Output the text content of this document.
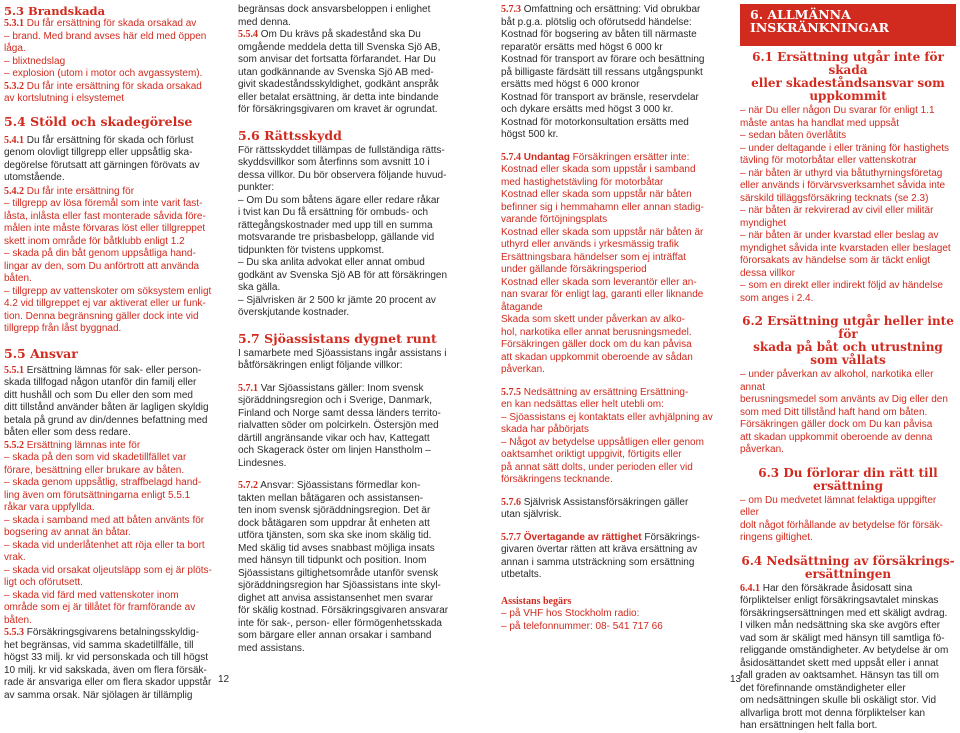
5.3 Brandskada

5.3.1 Du får ersättning för skada orsakad av
– brand. Med brand avses här eld med öppen
låga.
– blixtnedslag
– explosion (utom i motor och avgassystem).

5.3.2 Du får inte ersättning för skada orsakad
av kortslutning i elsystemet

5.4 Stöld och skadegörelse

5.4.1 Du får ersättning för skada och förlust
genom olovligt tillgrepp eller uppsåtlig ska-
degörelse förutsatt att gärningen förövats av
utomstående.

5.4.2 Du får inte ersättning för
– tillgrepp av lösa föremål som inte varit fast-
låsta, inlåsta eller fast monterade såvida före-
målen inte måste förvaras löst eller tillgreppet
skett inom område för båtklubb enligt 1.2
– skada på din båt genom uppsåtliga hand-
lingar av den, som Du anförtrott att använda
båten.
– tillgrepp av vattenskoter om söksystem enligt
4.2 vid tillgreppet ej var aktiverat eller ur funk-
tion. Denna begränsning gäller dock inte vid
tillgrepp från låst byggnad.

5.5 Ansvar

5.5.1 Ersättning lämnas för sak- eller person-
skada tillfogad någon utanför din familj eller
ditt hushåll och som Du eller den som med
ditt tillstånd använder båten är lagligen skyldig
betala på grund av din/dennes befattning med
båten eller som dess redare.

5.5.2 Ersättning lämnas inte för
– skada på den som vid skadetillfället var
förare, besättning eller brukare av båten.
– skada genom uppsåtlig, straffbelagd hand-
ling även om förutsättningarna enligt 5.5.1
råkar vara uppfyllda.
– skada i samband med att båten använts för
bogsering av annat än båtar.
– skada vid underlåtenhet att röja eller ta bort
vrak.
– skada vid orsakat oljeutsläpp som ej är plöts-
ligt och oförutsett.
– skada vid färd med vattenskoter inom
område som ej är tillåtet för framförande av
båten.

5.5.3 Försäkringsgivarens betalningsskyldig-
het begränsas, vid samma skadetillfälle, till
högst 33 milj. kr vid personskada och till högst
10 milj. kr vid sakskada, även om flera försäk-
rade är ansvariga eller om flera skador uppstår
av samma orsak. När sjölagen är tillämplig

begränsas dock ansvarsbeloppen i enlighet
med denna.

5.5.4 Om Du krävs på skadestånd ska Du
omgående meddela detta till Svenska Sjö AB,
som anvisar det fortsatta förfarandet. Har Du
utan godkännande av Svenska Sjö AB med-
givit skadeståndsskyldighet, godkänt anspråk
eller betalat ersättning, är detta inte bindande
för försäkringsgivaren om kravet är ogrundat.

5.6 Rättsskydd

För rättsskyddet tillämpas de fullständiga rätts-
skyddsvillkor som återfinns som avsnitt 10 i
dessa villkor. Du bör observera följande huvud-
punkter:
– Om Du som båtens ägare eller redare råkar
i tvist kan Du få ersättning för ombuds- och
rättegångskostnader med upp till en summa
motsvarande tre prisbasbelopp, gällande vid
tidpunkten för tvistens uppkomst.
– Du ska anlita advokat eller annat ombud
godkänt av Svenska Sjö AB för att försäkringen
ska gälla.
– Självrisken är 2 500 kr jämte 20 procent av
överskjutande kostnader.

5.7 Sjöassistans dygnet runt

I samarbete med Sjöassistans ingår assistans i
båtförsäkringen enligt följande villkor:

5.7.1 Var Sjöassistans gäller: Inom svensk
sjöräddningsregion och i Sverige, Danmark,
Finland och Norge samt dessa länders territo-
rialvatten söder om polcirkeln. Östersjön med
därtill angränsande vikar och hav, Kattegatt
och Skagerack öster om linjen Hanstholm –
Lindesnes.

5.7.2 Ansvar: Sjöassistans förmedlar kon-
takten mellan båtägaren och assistansen-
ten inom svensk sjöräddningsregion. Det är
dock båtägaren som uppdrar åt enheten att
utföra tjänsten, som ska ske inom skälig tid.
Med skälig tid avses snabbast möjliga insats
med hänsyn till tidpunkt och position. Inom
Sjöassistans giltighetsområde utanför svensk
sjöräddningsregion har Sjöassistans inte skyl-
dighet att anvisa assistansenhet men svarar
för skälig kostnad. Försäkringsgivaren ansvarar
inte för sak-, person- eller förmögenhetsskada
som bärgare eller annan orsakar i samband
med assistans.

5.7.3 Omfattning och ersättning: Vid obrukbar
båt p.g.a. plötslig och oförutsedd händelse:
Kostnad för bogsering av båten till närmaste
reparatör ersätts med högst 6 000 kr
Kostnad för transport av förare och besättning
på billigaste färdsätt till ressans utgångspunkt
ersätts med högst 6 000 kronor
Kostnad för transport av bränsle, reservdelar
och dykare ersätts med högst 3 000 kr.
Kostnad för motorkonsultation ersätts med
högst 500 kr.

5.7.4 Undantag Försäkringen ersätter inte:
Kostnad eller skada som uppstår i samband
med hastighetstävling för motorbåtar
Kostnad eller skada som uppstår när båten
befinner sig i hemmahamn eller annan stadig-
varande förtöjningsplats
Kostnad eller skada som uppstår när båten är
uthyrd eller används i yrkesmässig trafik
Ersättningsbara händelser som ej inträffat
under gällande försäkringsperiod
Kostnad eller skada som leverantör eller an-
nan svarar för enligt lag, garanti eller liknande
åtagande
Skada som skett under påverkan av alko-
hol, narkotika eller annat berusningsmedel.
Försäkringen gäller dock om du kan påvisa
att skadan uppkommit oberoende av sådan
påverkan.

5.7.5 Nedsättning av ersättning Ersättning-
en kan nedsättas eller helt utebli om:
– Sjöassistans ej kontaktats eller avhjälpning av
skada har påbörjats
– Något av betydelse uppsåtligen eller genom
oaktsamhet oriktigt uppgivit, förtigits eller
på annat sätt dolts, under perioden eller vid
försäkringens tecknande.

5.7.6 Självrisk Assistansförsäkringen gäller
utan självrisk.

5.7.7 Övertagande av rättighet Försäkrings-
givaren övertar rätten att kräva ersättning av
annan i samma utsträckning som ersättning
utbetalts.

Assistans begärs

– på VHF hos Stockholm radio:
– på telefonnummer: 08- 541 717 66

6. ALLMÄNNA
INSKRÄNKNINGAR

6.1 Ersättning utgår inte för skada
eller skadeståndsansvar som
uppkommit

– när Du eller någon Du svarar för enligt 1.1
måste antas ha handlat med uppsåt
– sedan båten överlåtits
– under deltagande i eller träning för hastighets
tävling för motorbåtar eller vattenskotrar
– när båten är uthyrd via båtuthyrningsföretag
eller används i förvärvsverksamhet såvida inte
särskild tilläggsförsäkring tecknats (se 2.3)
– när båten är rekvirerad av civil eller militär
myndighet
– när båten är under kvarstad eller beslag av
myndighet såvida inte kvarstaden eller beslaget
förorsakats av händelse som är täckt enligt
dessa villkor
– som en direkt eller indirekt följd av händelse
som anges i 2.4.

6.2 Ersättning utgår heller inte för
skada på båt och utrustning
som vållats

– under påverkan av alkohol, narkotika eller annat
berusningsmedel som använts av Dig eller den
som med Ditt tillstånd haft hand om båten.
Försäkringen gäller dock om Du kan påvisa
att skadan uppkommit oberoende av denna
påverkan.

6.3 Du förlorar din rätt till
ersättning

– om Du medvetet lämnat felaktiga uppgifter eller
dolt något förhållande av betydelse för försäk-
ringens giltighet.

6.4 Nedsättning av försäkrings-
ersättningen

6.4.1 Har den försäkrade åsidosatt sina
förpliktelser enligt försäkringsavtalet minskas
försäkringsersättningen med ett skäligt avdrag.
I vilken mån nedsättning ska ske avgörs efter
vad som är skäligt med hänsyn till samtliga fö-
religgande omständigheter. Av betydelse är om
åsidosättandet skett med uppsåt eller i annat
fall graden av oaktsamhet. Hänsyn tas till om
det förefinnande omständigheter eller
om nedsättningen skulle bli oskäligt stor. Vid
allvarliga brott mot denna förpliktelser kan
han ersättningen helt falla bort.

12	13
